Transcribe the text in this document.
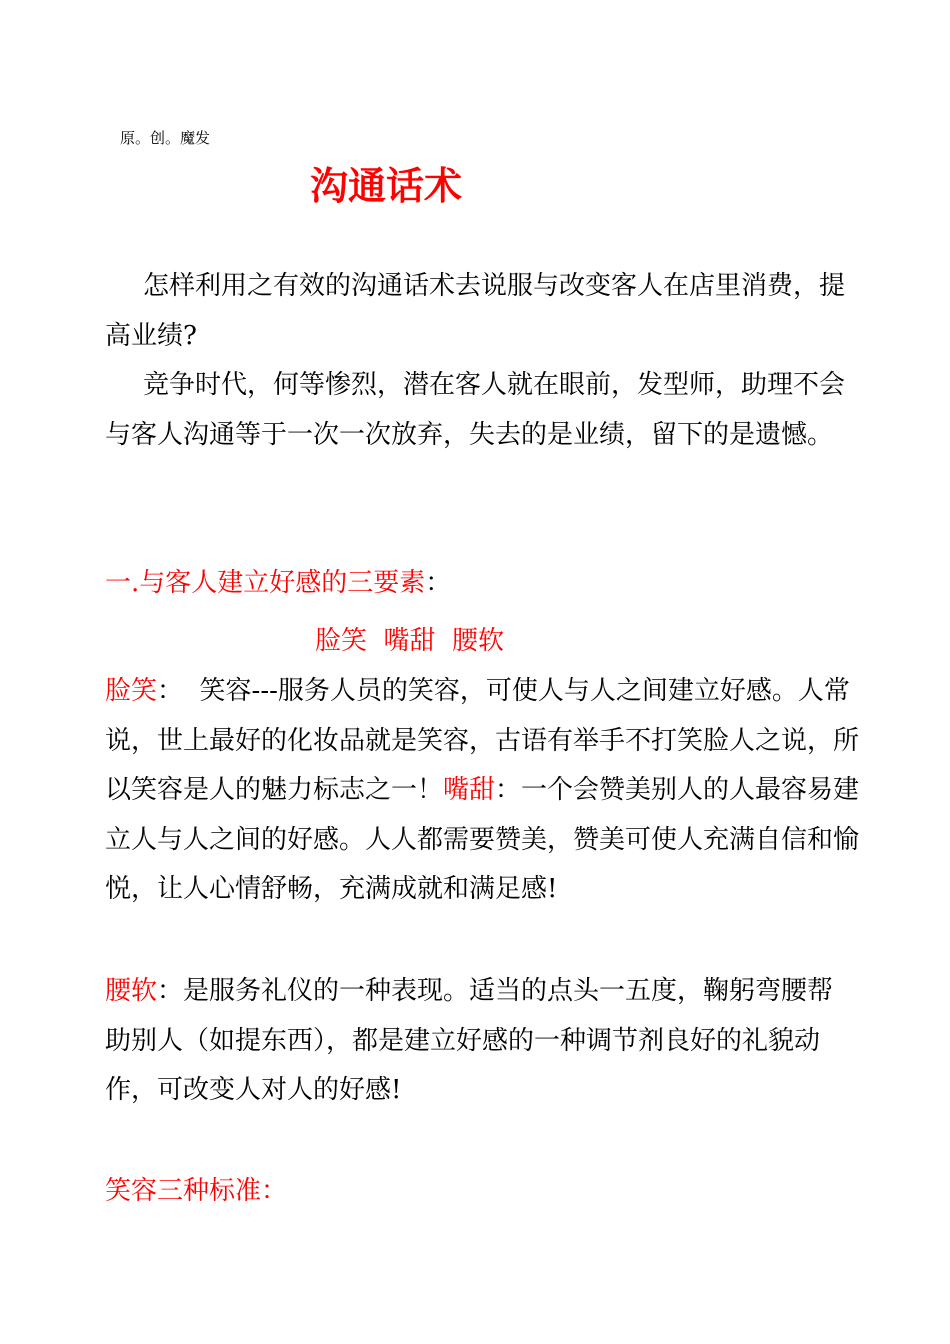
原。创。魔发
沟通话术

怎样利用之有效的沟通话术去说服与改变客人在店里消费，提高业绩?

竞争时代，何等惨烈，潜在客人就在眼前，发型师，助理不会与客人沟通等于一次一次放弃，失去的是业绩，留下的是遗憾。

一.与客人建立好感的三要素：

脸笑  嘴甜  腰软

脸笑：  笑容---服务人员的笑容，可使人与人之间建立好感。人常说，世上最好的化妆品就是笑容，古语有举手不打笑脸人之说，所以笑容是人的魅力标志之一！嘴甜：一个会赞美别人的人最容易建立人与人之间的好感。人人都需要赞美，赞美可使人充满自信和愉悦，让人心情舒畅，充满成就和满足感!

腰软：是服务礼仪的一种表现。适当的点头一五度，鞠躬弯腰帮助别人（如提东西），都是建立好感的一种调节剂良好的礼貌动作，可改变人对人的好感!

笑容三种标准：
